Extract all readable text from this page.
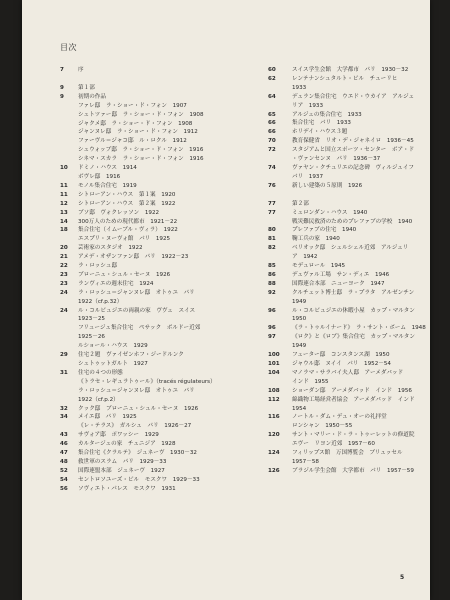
目次
7	序
9	第１部
9	初期の作品
ファレ邸　ラ・ショー・ド・フォン　1907
シュトツァー邸　ラ・ショー・ド・フォン　1908
ジャクメ邸　ラ・ショー・ド・フォン　1908
ジャンヌレ邸　ラ・ショー・ド・フォン　1912
ファーヴル＝ジャコ邸　ル・ロクル　1912
シュウォッブ邸　ラ・ショー・ド・フォン　1916
シネマ・スカラ　ラ・ショー・ド・フォン　1916
10	ドミノ・ハウス　1914
ボヴレ邸　1916
11	モノル集合住宅　1919
11	シトローアン・ハウス　第１案　1920
12	シトローアン・ハウス　第２案　1922
13	ブソ邸　ヴォクレッソン　1922
14	300万人のための現代都市　1921－22
18	集合住宅（イムーブル・ヴィラ）　1922
エスプリ・ヌーヴォ館　パリ　1925
20	芸術家のスタジオ　1922
21	アメデ・オザンファン邸　パリ　1922－23
22	ラ・ロッシュ邸
23	ブローニュ・シュル・セーヌ　1926
23	ランヴィエの週末住宅　1924
24	ラ・ロッシュ＝ジャンヌレ邸　オトゥユ　パリ
1922（cf.p.32）
24	ル・コルビュジエの両親の家　ヴヴェ　スイス
1923－25
フリュージュ集合住宅　ペサック　ボルドー近郊
1925－26
ルショール・ハウス　1929
29	住宅２題　ヴァイゼンホフ・ジードルンク
シュトゥットガルト　1927
31	住宅の４つの形態
《トラセ・レギュラトゥール》（tracés régulateurs）
ラ・ロッシュ＝ジャンヌレ邸　オトゥユ　パリ
1922（cf.p.2）
32	クック邸　ブローニュ・シュル・セーヌ　1926
34	メイエ邸　パリ　1925
《レ・テラス》　ガルシュ　パリ　1926－27
43	サヴォア邸　ポワッシー　1929
46	カルタージュの家　チュニジア　1928
47	集合住宅《クラルテ》　ジュネーヴ　1930－32
48	救世軍のスラム　パリ　1929－33
52	国際連盟本部　ジュネーヴ　1927
54	セントロソユーズ・ビル　モスクワ　1929－33
56	ソヴィエト・パレス　モスクワ　1931
60	スイス学生会館　大学都市　パリ　1930－32
62	レンテナンシュタルト・ビル　チューリヒ
1933
64	デュラン集合住宅　ウエド・ウカイア　アルジェ
リア　1933
65	アルジェの集合住宅　1933
66	集合住宅　パリ　1933
66	ホリデイ・ハウス３題
70	教育保健省　リオ・デ・ジャネイロ　1936－45
72	スタジアムと国立スポーツ・センター　ボア・ド
・ヴァンセンヌ　パリ　1936－37
74	ヴァヤン・クチュリエの記念碑　ヴィルジュイフ
パリ　1937
76	新しい建築の５原則　1926
77	第２部
77	ミュロンダン・ハウス　1940
戦災難民救済のためのプレファブの学校　1940
80	プレファブの住宅　1940
81	鞠工兵の家　1940
82	ベリオック邸　シェルシェル近郊　アルジェリ
ア　1942
85	モデュロール　1945
86	デュヴァル工場　サン・ディエ　1946
88	国際連合本部　ニューヨーク　1947
92	クルチェット博士邸　ラ・プラタ　アルゼンチン
1949
96	ル・コルビュジエの休暇小屋　カップ・マルタン
1950
96	《ラ・トゥルイナード》　ラ・サント・ボーム　1948
97	《ロク》と《ロブ》集合住宅　カップ・マルタン
1949
100	フェーター邸　コンスタンス湖　1950
101	ジャウル邸　ヌイイ　パリ　1952－54
104	マノラマ・サラバイ夫人邸　アーメダバッド
インド　1955
108	ショーダン邸　アーメダバッド　インド　1956
112	綿織物工場経営者協会　アーメダバッド　インド
1954
116	ノートル・ダム・デュ・オーの礼拝堂
ロンシャン　1950－55
120	サント・マリー・ド・ラ・トゥーレットの修道院
エヴー　リヨン近郊　1957－60
124	フィリップス館　万国博覧会　ブリュッセル
1957－58
126	ブラジル学生会館　大学都市　パリ　1957－59
5
